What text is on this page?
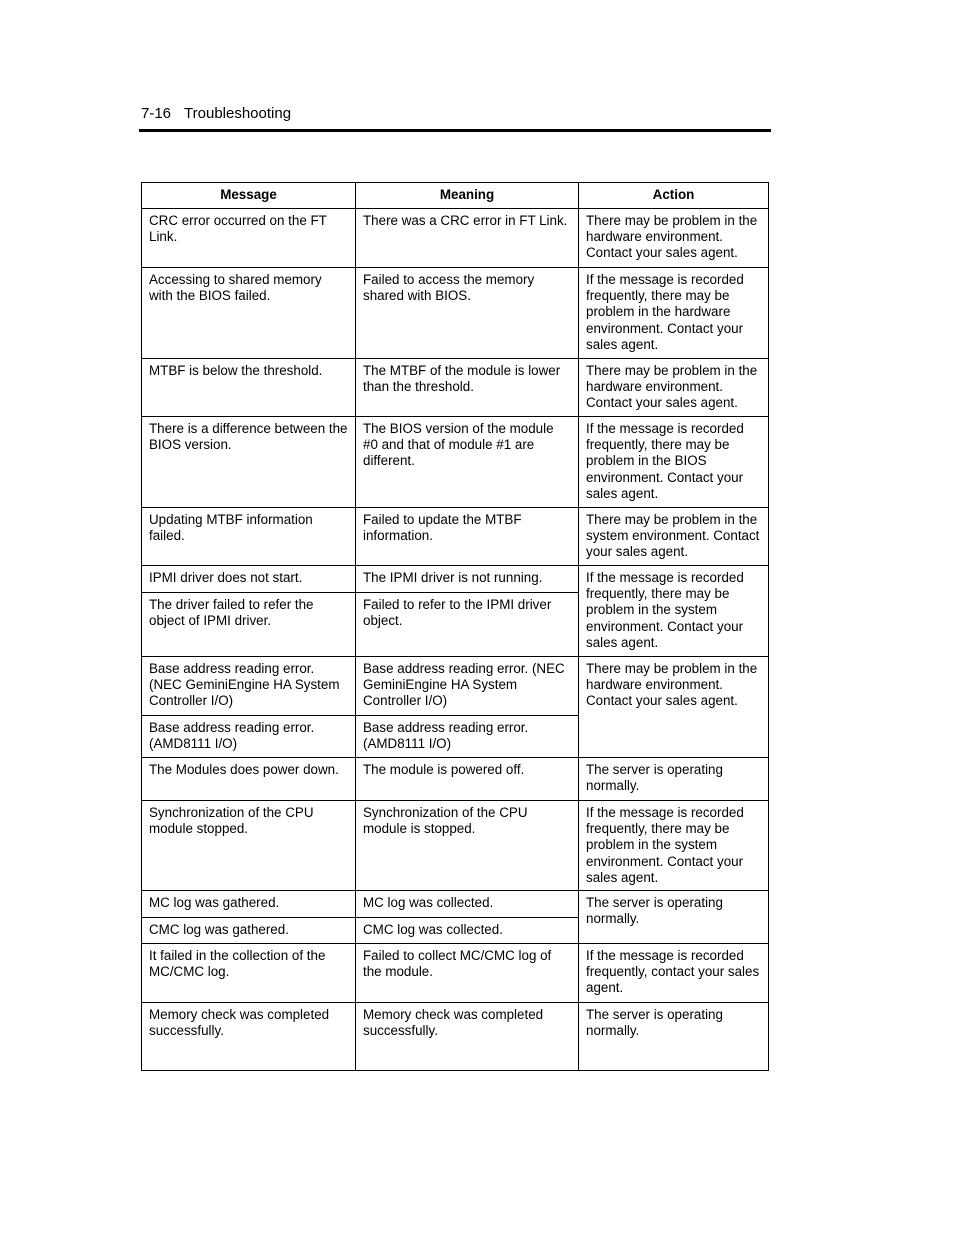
7-16 Troubleshooting
Message	Meaning	Action
CRC error occurred on the FT Link.	There was a CRC error in FT Link.	There may be problem in the hardware environment. Contact your sales agent.
Accessing to shared memory with the BIOS failed.	Failed to access the memory shared with BIOS.	If the message is recorded frequently, there may be problem in the hardware environment. Contact your sales agent.
MTBF is below the threshold.	The MTBF of the module is lower than the threshold.	There may be problem in the hardware environment. Contact your sales agent.
There is a difference between the BIOS version.	The BIOS version of the module #0 and that of module #1 are different.	If the message is recorded frequently, there may be problem in the BIOS environment. Contact your sales agent.
Updating MTBF information failed.	Failed to update the MTBF information.	There may be problem in the system environment. Contact your sales agent.
IPMI driver does not start.	The IPMI driver is not running.	If the message is recorded frequently, there may be problem in the system environment. Contact your sales agent.
The driver failed to refer the object of IPMI driver.	Failed to refer to the IPMI driver object.	
Base address reading error. (NEC GeminiEngine HA System Controller I/O)	Base address reading error. (NEC GeminiEngine HA System Controller I/O)	There may be problem in the hardware environment. Contact your sales agent.
Base address reading error. (AMD8111 I/O)	Base address reading error. (AMD8111 I/O)	
The Modules does power down.	The module is powered off.	The server is operating normally.
Synchronization of the CPU module stopped.	Synchronization of the CPU module is stopped.	If the message is recorded frequently, there may be problem in the system environment. Contact your sales agent.
MC log was gathered.	MC log was collected.	The server is operating normally.
CMC log was gathered.	CMC log was collected.	
It failed in the collection of the MC/CMC log.	Failed to collect MC/CMC log of the module.	If the message is recorded frequently, contact your sales agent.
Memory check was completed successfully.	Memory check was completed successfully.	The server is operating normally.
